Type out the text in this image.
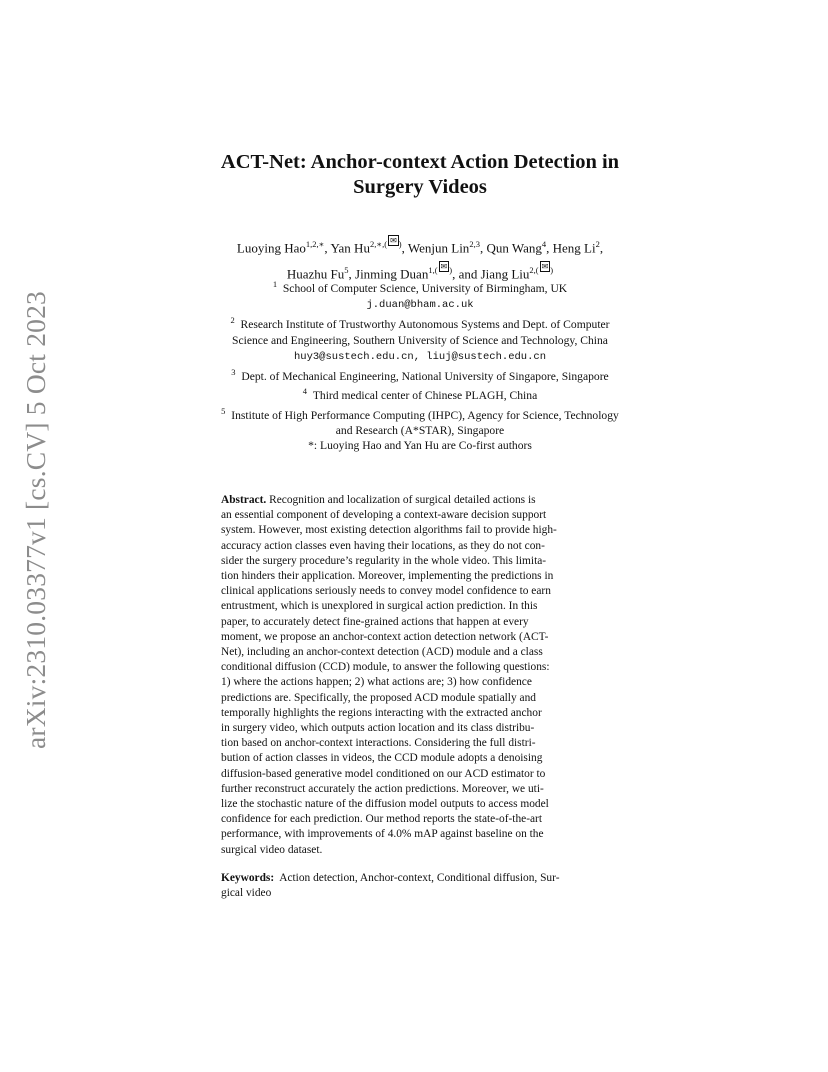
arXiv:2310.03377v1 [cs.CV] 5 Oct 2023
ACT-Net: Anchor-context Action Detection in
Surgery Videos
Luoying Hao$^{1,2,∗}$, Yan $Hu^{2,∗,( ✉ )}$, Wenjun Lin$^{2,3}$, Qun Wang$^4$, Heng Li$^2$,
Huazhu Fu$^5$, Jinming Duan$^{1,( ✉ )}$, and Jiang Liu$^{2,( ✉ )}$
$^1$  School of Computer Science, University of Birmingham, UK
j.duan@bham.ac.uk
$^2$  Research Institute of Trustworthy Autonomous Systems and Dept. of Computer
Science and Engineering, Southern University of Science and Technology, China
huy3@sustech.edu.cn, liuj@sustech.edu.cn
$^3$  Dept. of Mechanical Engineering, National University of Singapore, Singapore
$^4$  Third medical center of Chinese PLAGH, China
$^5$  Institute of High Performance Computing (IHPC), Agency for Science, Technology
and Research (A*STAR), Singapore
*: Luoying Hao and Yan Hu are Co-first authors
Abstract. Recognition and localization of surgical detailed actions is
an essential component of developing a context-aware decision support
system. However, most existing detection algorithms fail to provide high-
accuracy action classes even having their locations, as they do not con-
sider the surgery procedure’s regularity in the whole video. This limita-
tion hinders their application. Moreover, implementing the predictions in
clinical applications seriously needs to convey model confidence to earn
entrustment, which is unexplored in surgical action prediction. In this
paper, to accurately detect fine-grained actions that happen at every
moment, we propose an anchor-context action detection network (ACT-
Net), including an anchor-context detection (ACD) module and a class
conditional diffusion (CCD) module, to answer the following questions:
1) where the actions happen; 2) what actions are; 3) how confidence
predictions are. Specifically, the proposed ACD module spatially and
temporally highlights the regions interacting with the extracted anchor
in surgery video, which outputs action location and its class distribu-
tion based on anchor-context interactions. Considering the full distri-
bution of action classes in videos, the CCD module adopts a denoising
diffusion-based generative model conditioned on our ACD estimator to
further reconstruct accurately the action predictions. Moreover, we uti-
lize the stochastic nature of the diffusion model outputs to access model
confidence for each prediction. Our method reports the state-of-the-art
performance, with improvements of 4.0% mAP against baseline on the
surgical video dataset.
Keywords: Action detection, Anchor-context, Conditional diffusion, Sur-
gical video
